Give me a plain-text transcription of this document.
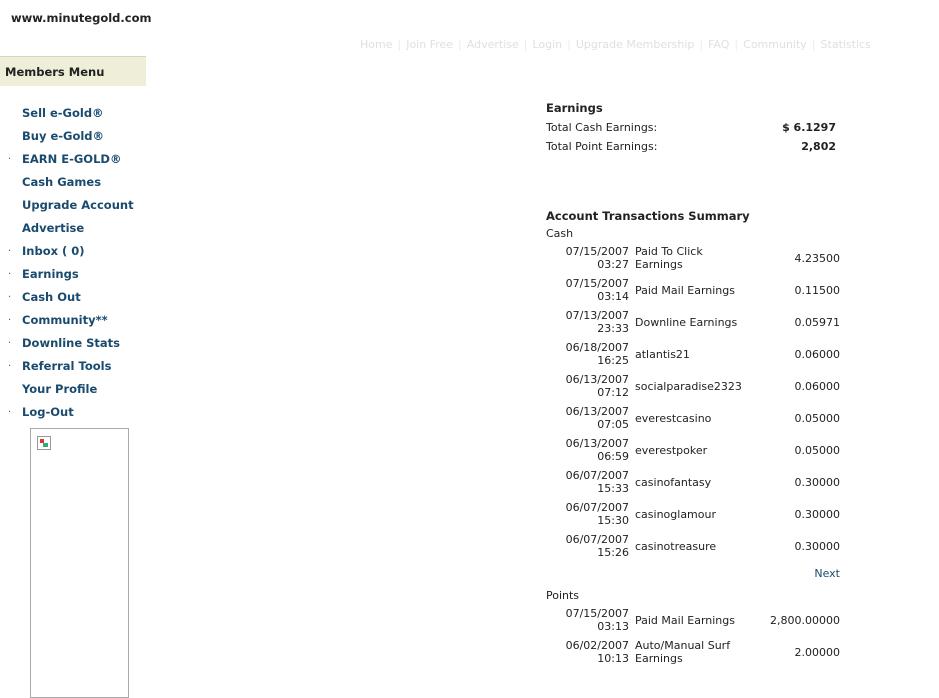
www.minutegold.com
Home | Join Free | Advertise | Login | Upgrade Membership | FAQ | Community | Statistics
Members Menu
Sell e-Gold®
Buy e-Gold®
· EARN E-GOLD®
Cash Games
Upgrade Account
Advertise
· Inbox ( 0)
· Earnings
· Cash Out
· Community**
· Downline Stats
· Referral Tools
Your Profile
· Log-Out
Earnings
Total Cash Earnings:	$ 6.1297
Total Point Earnings:	2,802
Account Transactions Summary
Cash
07/15/2007
03:27
Paid To Click Earnings	4.23500
07/15/2007
03:14 Paid Mail Earnings	0.11500
07/13/2007
23:33 Downline Earnings	0.05971
06/18/2007
16:25 atlantis21	0.06000
06/13/2007
07:12 socialparadise2323	0.06000
06/13/2007
07:05 everestcasino	0.05000
06/13/2007
06:59 everestpoker	0.05000
06/07/2007
15:33 casinofantasy	0.30000
06/07/2007
15:30 casinoglamour	0.30000
06/07/2007
15:26 casinotreasure	0.30000
Next
Points
07/15/2007
03:13 Paid Mail Earnings	2,800.00000
06/02/2007
10:13
Auto/Manual Surf Earnings	2.00000
